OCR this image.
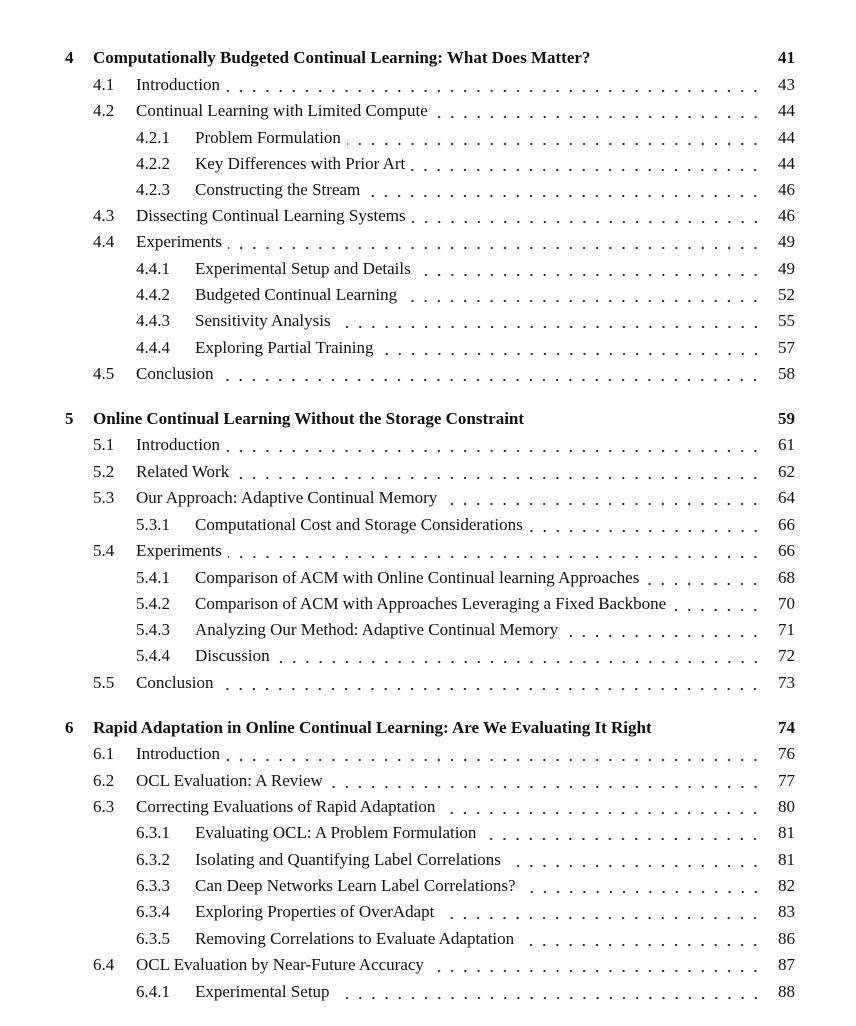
4 Computationally Budgeted Continual Learning: What Does Matter?	41
4.1 Introduction	43
4.2 Continual Learning with Limited Compute	44
4.2.1 Problem Formulation	44
4.2.2 Key Differences with Prior Art	44
4.2.3 Constructing the Stream	46
4.3 Dissecting Continual Learning Systems	46
4.4 Experiments	49
4.4.1 Experimental Setup and Details	49
4.4.2 Budgeted Continual Learning	52
4.4.3 Sensitivity Analysis	55
4.4.4 Exploring Partial Training	57
4.5 Conclusion	58
5 Online Continual Learning Without the Storage Constraint	59
5.1 Introduction	61
5.2 Related Work	62
5.3 Our Approach: Adaptive Continual Memory	64
5.3.1 Computational Cost and Storage Considerations	66
5.4 Experiments	66
5.4.1 Comparison of ACM with Online Continual learning Approaches	68
5.4.2 Comparison of ACM with Approaches Leveraging a Fixed Backbone	70
5.4.3 Analyzing Our Method: Adaptive Continual Memory	71
5.4.4 Discussion	72
5.5 Conclusion	73
6 Rapid Adaptation in Online Continual Learning: Are We Evaluating It Right	74
6.1 Introduction	76
6.2 OCL Evaluation: A Review	77
6.3 Correcting Evaluations of Rapid Adaptation	80
6.3.1 Evaluating OCL: A Problem Formulation	81
6.3.2 Isolating and Quantifying Label Correlations	81
6.3.3 Can Deep Networks Learn Label Correlations?	82
6.3.4 Exploring Properties of OverAdapt	83
6.3.5 Removing Correlations to Evaluate Adaptation	86
6.4 OCL Evaluation by Near-Future Accuracy	87
6.4.1 Experimental Setup	88
